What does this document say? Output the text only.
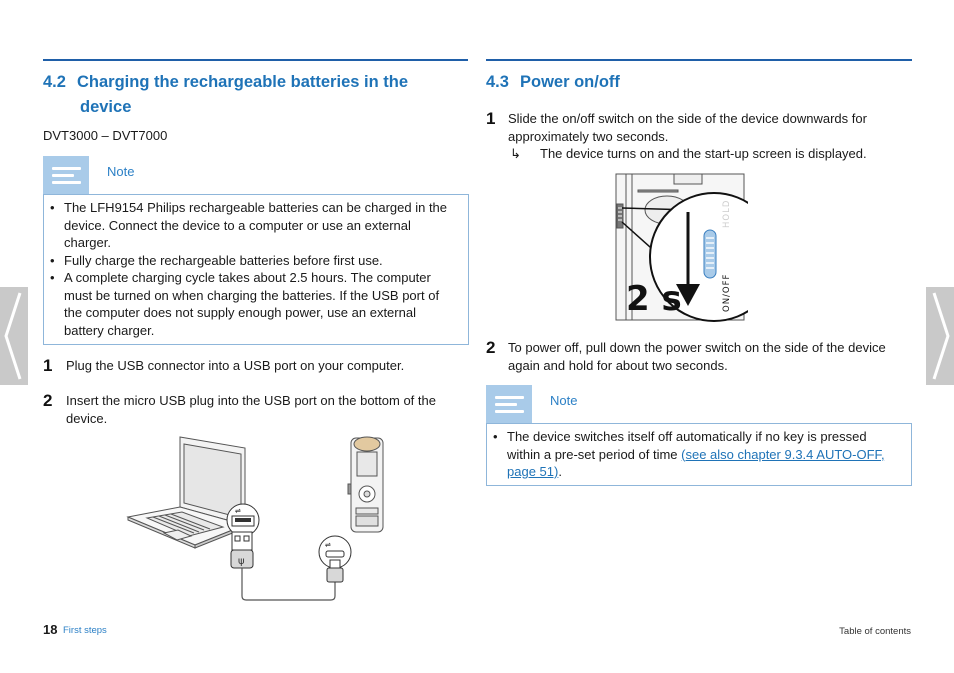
4.2 Charging the rechargeable batteries in the
device
DVT3000 – DVT7000
Note
• The LFH9154 Philips rechargeable batteries can be charged in the device. Connect the device to a computer or use an external charger.
• Fully charge the rechargeable batteries before first use.
• A complete charging cycle takes about 2.5 hours. The computer must be turned on when charging the batteries. If the USB port of the computer does not supply enough power, use an external battery charger.
1 Plug the USB connector into a USB port on your computer.
2 Insert the micro USB plug into the USB port on the bottom of the device.
⇌
ψ
⇌
4.3 Power on/off
1 Slide the on/off switch on the side of the device downwards for approximately two seconds.
↳ The device turns on and the start-up screen is displayed.
HOLD
ON/OFF
2 s
2 To power off, pull down the power switch on the side of the device again and hold for about two seconds.
Note
• The device switches itself off automatically if no key is pressed within a pre-set period of time (see also chapter 9.3.4 AUTO-OFF, page 51).
18 First steps	Table of contents
